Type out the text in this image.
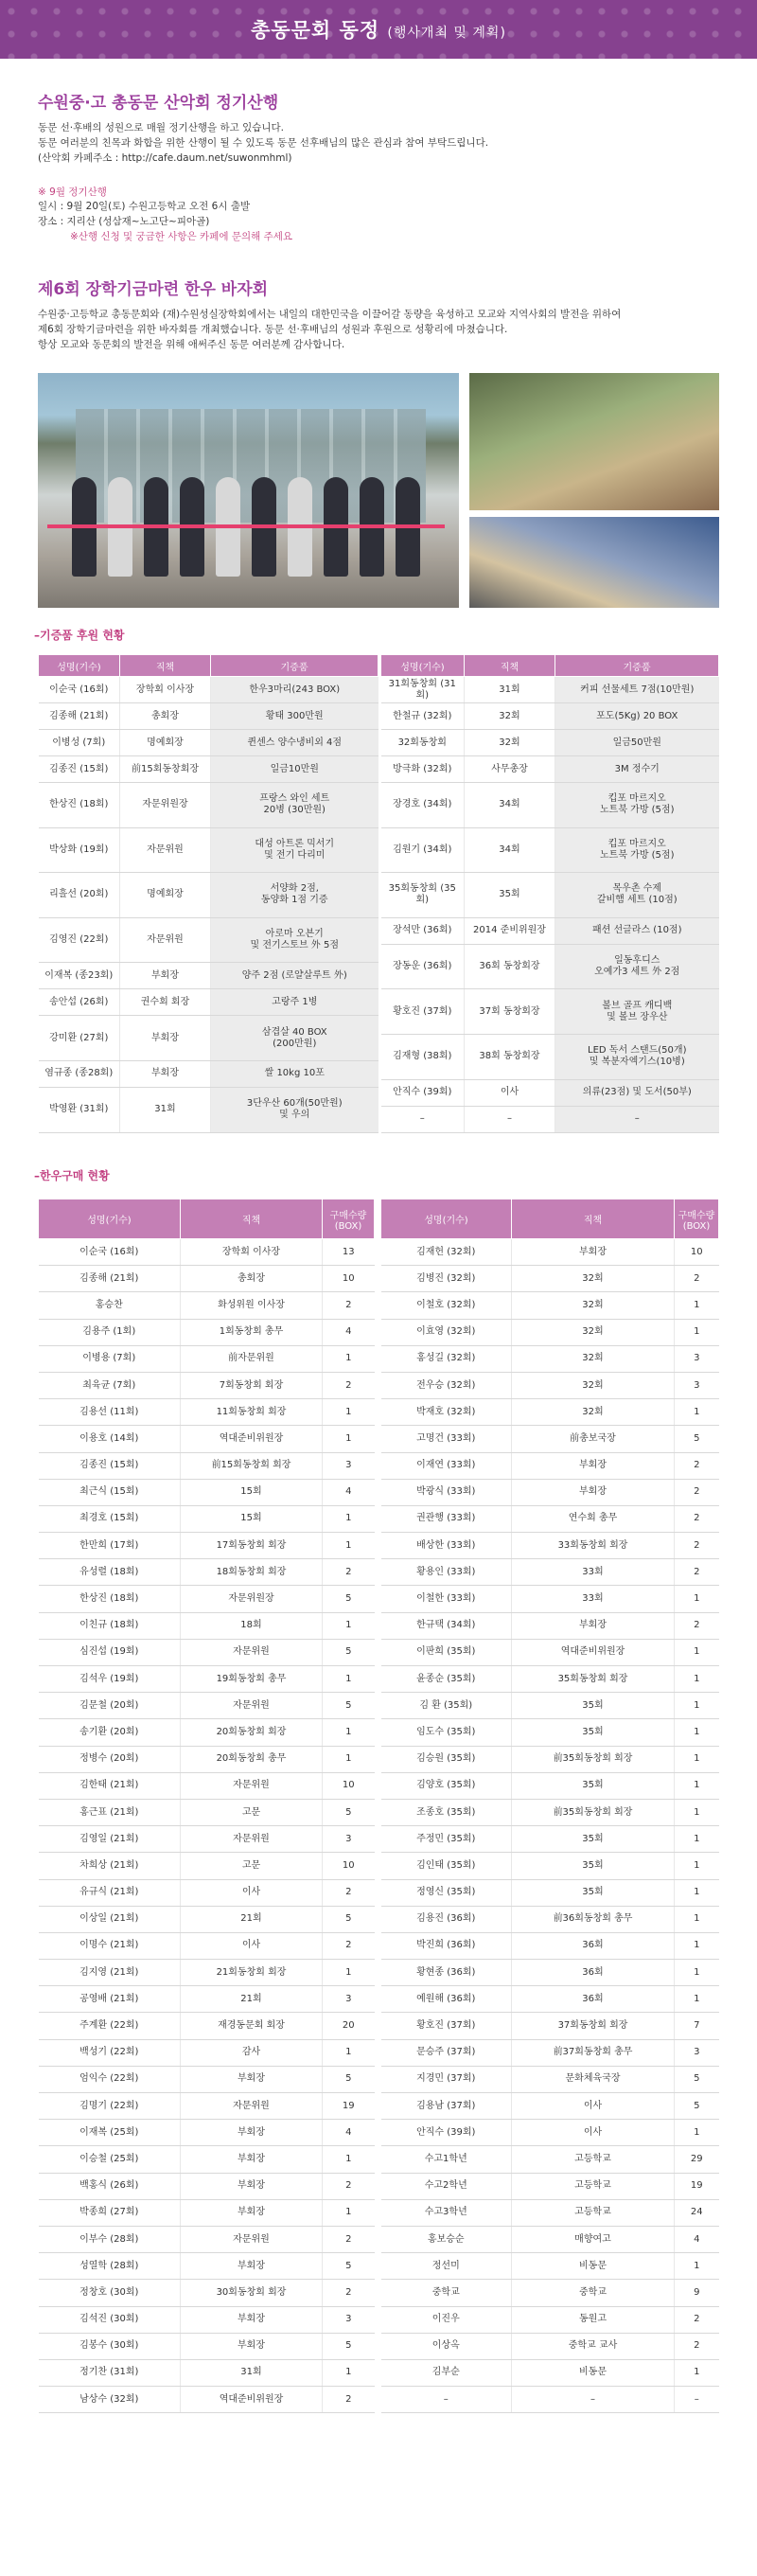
총동문회 동정 (행사개최 및 계획)
수원중·고 총동문 산악회 정기산행
동문 선·후배의 성원으로 매월 정기산행을 하고 있습니다.
동문 여러분의 친목과 화합을 위한 산행이 될 수 있도록 동문 선후배님의 많은 관심과 참여 부탁드립니다.
(산악회 카페주소 : http://cafe.daum.net/suwonmhml)
※ 9월 정기산행
일시 : 9월 20일(토) 수원고등학교 오전 6시 출발
장소 : 지리산 (성삼재~노고단~피아골)
※산행 신청 및 궁금한 사항은 카페에 문의해 주세요
제6회 장학기금마련 한우 바자회
수원중·고등학교 총동문회와 (재)수원성실장학회에서는 내일의 대한민국을 이끌어갈 동량을 육성하고 모교와 지역사회의 발전을 위하여
제6회 장학기금마련을 위한 바자회를 개최했습니다. 동문 선·후배님의 성원과 후원으로 성황리에 마쳤습니다.
항상 모교와 동문회의 발전을 위해 애써주신 동문 여러분께 감사합니다.
–기증품 후원 현황
성명(기수)	직책	기증품
이순국 (16회)	장학회 이사장	한우3마리(243 BOX)
김종해 (21회)	총회장	황태 300만원
이병성 (7회)	명예회장	퀸센스 양수냉비외 4점
김종진 (15회)	前15회동창회장	일금10만원
한상진 (18회)	자문위원장	프랑스 와인 세트
20병 (30만원)
박상화 (19회)	자문위원	대성 아트론 믹서기
및 전기 다리미
리흘선 (20회)	명예회장	서양화 2점,
동양화 1점 기증
김영진 (22회)	자문위원	아로마 오븐기
및 전기스토브 外 5점
이재복 (종23회)	부회장	양주 2점 (로얄살루트 外)
송안섭 (26회)	권수회 회장	고랑주 1병
강미환 (27회)	부회장	삼겹살 40 BOX
(200만원)
염규종 (종28회)	부회장	쌀 10kg 10포
박영환 (31회)	31회	3단우산 60개(50만원)
및 우의
성명(기수)	직책	기증품
31회동창회 (31회)	31회	커피 선물세트 7점(10만원)
한철규 (32회)	32회	포도(5Kg) 20 BOX
32회동창회	32회	일금50만원
방극화 (32회)	사무총장	3M 정수기
장경호 (34회)	34회	킵포 마르지오
노트북 가방 (5점)
김원기 (34회)	34회	킵포 마르지오
노트북 가방 (5점)
35회동창회 (35회)	35회	목우촌 수제
갈비햄 세트 (10점)
장석만 (36회)	2014 준비위원장	패션 선글라스 (10점)
장동운 (36회)	36회 동창회장	일동후디스
오예가3 세트 外 2점
황호진 (37회)	37회 동창회장	볼브 골프 캐디백
및 볼브 장우산
김재형 (38회)	38회 동창회장	LED 독서 스탠드(50개)
및 복분자엑기스(10병)
안직수 (39회)	이사	의류(23점) 및 도서(50부)
–	–	–
–한우구매 현황
성명(기수)	직책	구매수량
(BOX)
이순국 (16회)	장학회 이사장	13
김종해 (21회)	총회장	10
홍승찬	화성위원 이사장	2
김용주 (1회)	1회동창회 총무	4
이병용 (7회)	前자문위원	1
최육균 (7회)	7회동창회 회장	2
김용선 (11회)	11회동창회 회장	1
이용호 (14회)	역대준비위원장	1
김종진 (15회)	前15회동창회 회장	3
최근식 (15회)	15회	4
최경호 (15회)	15회	1
한만희 (17회)	17회동창회 회장	1
유성렬 (18회)	18회동창회 회장	2
한상진 (18회)	자문위원장	5
이친규 (18회)	18회	1
심진섭 (19회)	자문위원	5
김석우 (19회)	19회동창회 총무	1
김문철 (20회)	자문위원	5
송기환 (20회)	20회동창회 회장	1
정병수 (20회)	20회동창회 총무	1
김한태 (21회)	자문위원	10
홍근표 (21회)	고문	5
김영일 (21회)	자문위원	3
차희상 (21회)	고문	10
유규식 (21회)	이사	2
이상일 (21회)	21회	5
이명수 (21회)	이사	2
김지영 (21회)	21회동창회 회장	1
공영배 (21회)	21회	3
주계환 (22회)	재경동문회 회장	20
백성기 (22회)	감사	1
엄익수 (22회)	부회장	5
김명기 (22회)	자문위원	19
이재복 (25회)	부회장	4
이승철 (25회)	부회장	1
백홍식 (26회)	부회장	2
박종희 (27회)	부회장	1
이부수 (28회)	자문위원	2
성열학 (28회)	부회장	5
정창호 (30회)	30회동창회 회장	2
김석진 (30회)	부회장	3
김봉수 (30회)	부회장	5
정기찬 (31회)	31회	1
남상수 (32회)	역대준비위원장	2
성명(기수)	직책	구매수량
(BOX)
김재헌 (32회)	부회장	10
김병진 (32회)	32회	2
이철호 (32회)	32회	1
이효영 (32회)	32회	1
홍성길 (32회)	32회	3
전우승 (32회)	32회	3
박재호 (32회)	32회	1
고명건 (33회)	前총보국장	5
이재연 (33회)	부회장	2
박광식 (33회)	부회장	2
권관행 (33회)	연수회 총무	2
배상한 (33회)	33회동창회 회장	2
황용인 (33회)	33회	2
이철한 (33회)	33회	1
한규택 (34회)	부회장	2
이판희 (35회)	역대준비위원장	1
윤종순 (35회)	35회동창회 회장	1
김 환 (35회)	35회	1
임도수 (35회)	35회	1
김승원 (35회)	前35회동창회 회장	1
김양호 (35회)	35회	1
조종호 (35회)	前35회동창회 회장	1
주정민 (35회)	35회	1
김인태 (35회)	35회	1
정영신 (35회)	35회	1
김용진 (36회)	前36회동창회 총무	1
박진희 (36회)	36회	1
황현종 (36회)	36회	1
예원해 (36회)	36회	1
황호진 (37회)	37회동창회 회장	7
문승주 (37회)	前37회동창회 총무	3
지경민 (37회)	문화체육국장	5
김용남 (37회)	이사	5
안직수 (39회)	이사	1
수고1학년	고등학교	29
수고2학년	고등학교	19
수고3학년	고등학교	24
홍보승순	매향여고	4
정선미	비동문	1
중학교	중학교	9
이진우	동원고	2
이상옥	중학교 교사	2
김부순	비동문	1
–	–	–
